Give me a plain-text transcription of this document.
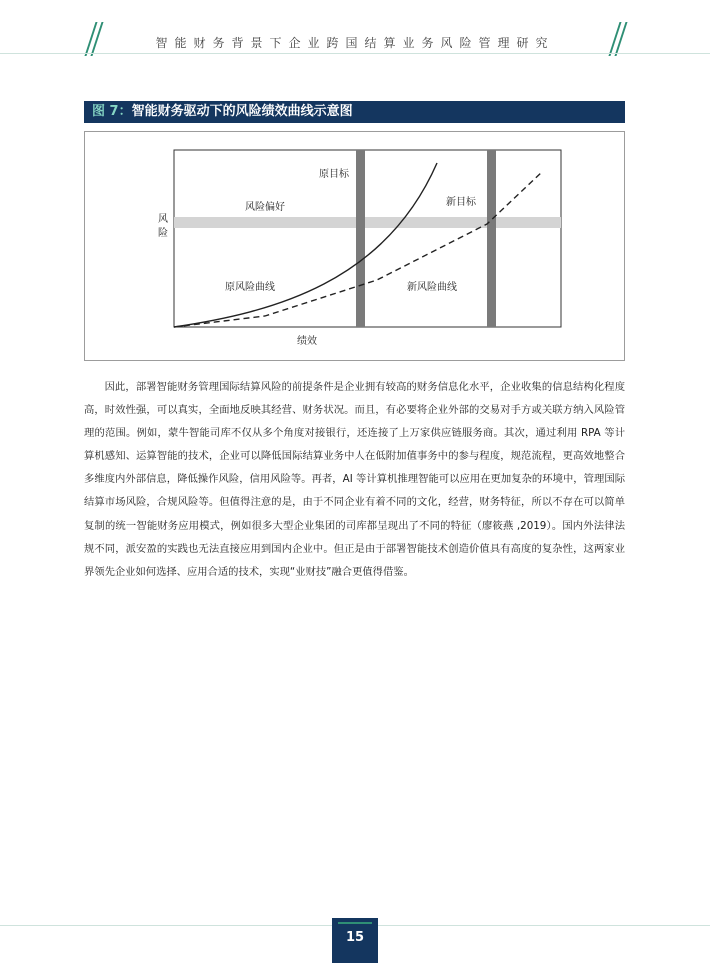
智能财务背景下企业跨国结算业务风险管理研究
图 7：智能财务驱动下的风险绩效曲线示意图
风
险
风险偏好
原目标
新目标
原风险曲线	新风险曲线
绩效

因此，部署智能财务管理国际结算风险的前提条件是企业拥有较高的财务信息化水平，企业收集的信息结构化程度高，时效性强，可以真实，全面地反映其经营、财务状况。而且，有必要将企业外部的交易对手方或关联方纳入风险管理的范围。例如，蒙牛智能司库不仅从多个角度对接银行，还连接了上万家供应链服务商。其次，通过利用 RPA 等计算机感知、运算智能的技术，企业可以降低国际结算业务中人在低附加值事务中的参与程度，规范流程，更高效地整合多维度内外部信息，降低操作风险，信用风险等。再者，AI 等计算机推理智能可以应用在更加复杂的环境中，管理国际结算市场风险，合规风险等。但值得注意的是，由于不同企业有着不同的文化，经营，财务特征，所以不存在可以简单复制的统一智能财务应用模式，例如很多大型企业集团的司库都呈现出了不同的特征（廖筱燕 ,2019）。国内外法律法规不同，派安盈的实践也无法直接应用到国内企业中。但正是由于部署智能技术创造价值具有高度的复杂性，这两家业界领先企业如何选择、应用合适的技术，实现“业财技”融合更值得借鉴。

15
